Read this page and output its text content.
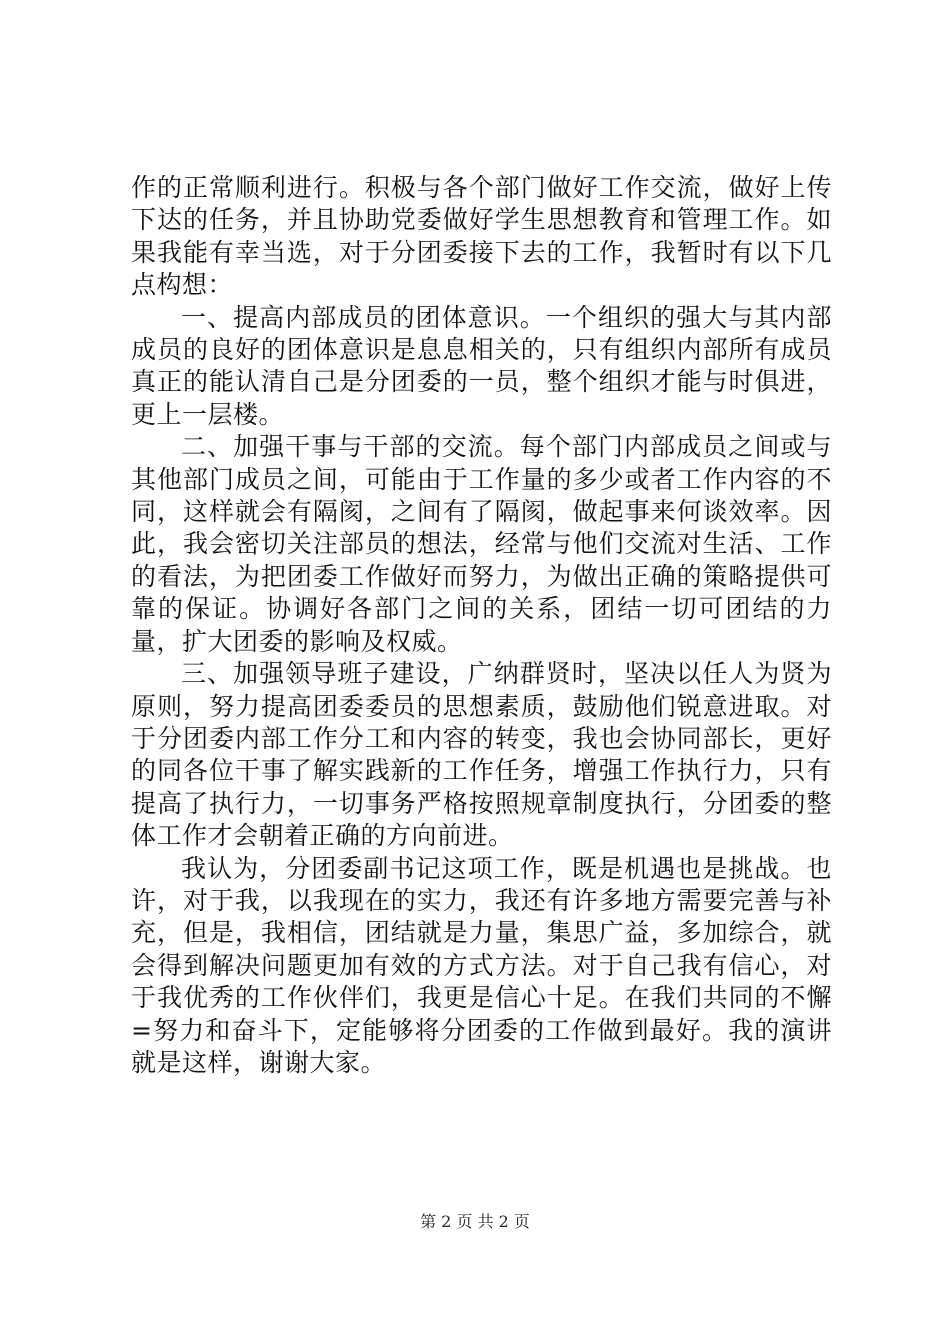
作的正常顺利进行。积极与各个部门做好工作交流，做好上传下达的任务，并且协助党委做好学生思想教育和管理工作。如果我能有幸当选，对于分团委接下去的工作，我暂时有以下几点构想：

一、提高内部成员的团体意识。一个组织的强大与其内部成员的良好的团体意识是息息相关的，只有组织内部所有成员真正的能认清自己是分团委的一员，整个组织才能与时俱进，更上一层楼。

二、加强干事与干部的交流。每个部门内部成员之间或与其他部门成员之间，可能由于工作量的多少或者工作内容的不同，这样就会有隔阂，之间有了隔阂，做起事来何谈效率。因此，我会密切关注部员的想法，经常与他们交流对生活、工作的看法，为把团委工作做好而努力，为做出正确的策略提供可靠的保证。协调好各部门之间的关系，团结一切可团结的力量，扩大团委的影响及权威。

三、加强领导班子建设，广纳群贤时，坚决以任人为贤为原则，努力提高团委委员的思想素质，鼓励他们锐意进取。对于分团委内部工作分工和内容的转变，我也会协同部长，更好的同各位干事了解实践新的工作任务，增强工作执行力，只有提高了执行力，一切事务严格按照规章制度执行，分团委的整体工作才会朝着正确的方向前进。

我认为，分团委副书记这项工作，既是机遇也是挑战。也许，对于我，以我现在的实力，我还有许多地方需要完善与补充，但是，我相信，团结就是力量，集思广益，多加综合，就会得到解决问题更加有效的方式方法。对于自己我有信心，对于我优秀的工作伙伴们，我更是信心十足。在我们共同的不懈=努力和奋斗下，定能够将分团委的工作做到最好。我的演讲就是这样，谢谢大家。

第 2 页 共 2 页
